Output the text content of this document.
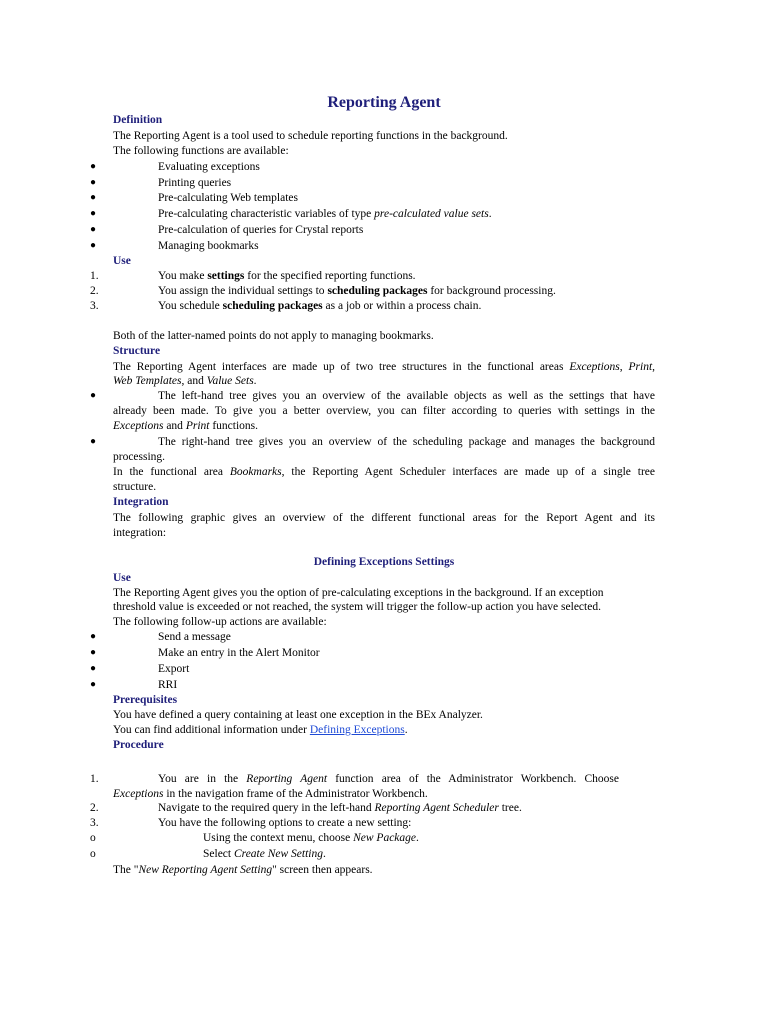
Reporting Agent
Definition
The Reporting Agent is a tool used to schedule reporting functions in the background.
The following functions are available:
●	Evaluating exceptions
●	Printing queries
●	Pre-calculating Web templates
●	Pre-calculating characteristic variables of type pre-calculated value sets.
●	Pre-calculation of queries for Crystal reports
●	Managing bookmarks
Use
1.	You make settings for the specified reporting functions.
2.	You assign the individual settings to scheduling packages for background processing.
3.	You schedule scheduling packages as a job or within a process chain.
Both of the latter-named points do not apply to managing bookmarks.
Structure
The Reporting Agent interfaces are made up of two tree structures in the functional areas Exceptions, Print,
Web Templates, and Value Sets.
●	The left-hand tree gives you an overview of the available objects as well as the settings that have
already been made. To give you a better overview, you can filter according to queries with settings in the
Exceptions and Print functions.
●	The right-hand tree gives you an overview of the scheduling package and manages the background
processing.
In the functional area Bookmarks, the Reporting Agent Scheduler interfaces are made up of a single tree
structure.
Integration
The following graphic gives an overview of the different functional areas for the Report Agent and its
integration:
Defining Exceptions Settings
Use
The Reporting Agent gives you the option of pre-calculating exceptions in the background. If an exception
threshold value is exceeded or not reached, the system will trigger the follow-up action you have selected.
The following follow-up actions are available:
●	Send a message
●	Make an entry in the Alert Monitor
●	Export
●	RRI
Prerequisites
You have defined a query containing at least one exception in the BEx Analyzer.
You can find additional information under Defining Exceptions.
Procedure
1.	You are in the Reporting Agent function area of the Administrator Workbench. Choose
Exceptions in the navigation frame of the Administrator Workbench.
2.	Navigate to the required query in the left-hand Reporting Agent Scheduler tree.
3.	You have the following options to create a new setting:
o	Using the context menu, choose New Package.
o	Select Create New Setting.
The "New Reporting Agent Setting" screen then appears.
